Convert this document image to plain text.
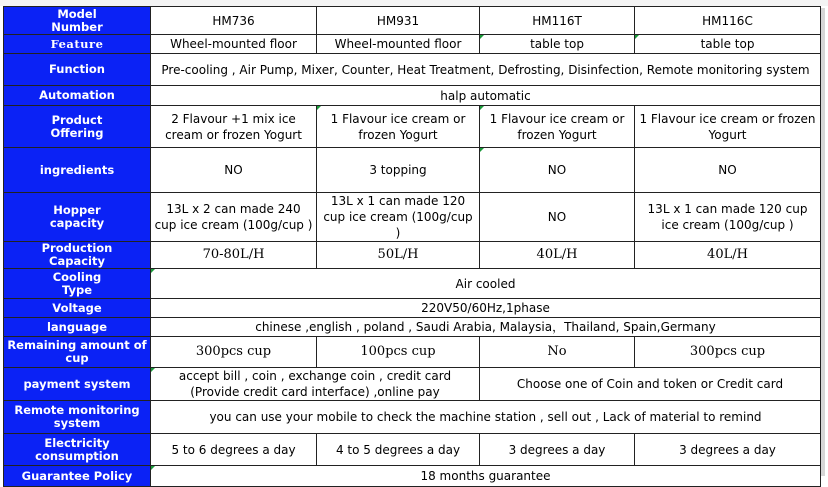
Model
Number	HM736	HM931	HM116T	HM116C
Feature	Wheel-mounted floor	Wheel-mounted floor	table top	table top
Function	Pre-cooling , Air Pump, Mixer, Counter, Heat Treatment, Defrosting, Disinfection, Remote monitoring system			
Automation	halp automatic			
Product
Offering	2 Flavour +1 mix ice cream or frozen Yogurt	1 Flavour ice cream or frozen Yogurt	1 Flavour ice cream or frozen Yogurt	1 Flavour ice cream or frozen Yogurt
ingredients	NO	3 topping	NO	NO
Hopper
capacity	13L x 2 can made 240 cup ice cream (100g/cup )	13L x 1 can made 120 cup ice cream (100g/cup )	NO	13L x 1 can made 120 cup ice cream (100g/cup )
Production
Capacity	70-80L/H	50L/H	40L/H	40L/H
Cooling
Type	Air cooled			
Voltage	220V50/60Hz,1phase			
language	chinese ,english , poland , Saudi Arabia, Malaysia，Thailand, Spain,Germany			
Remaining amount of
cup	300pcs cup	100pcs cup	No	300pcs cup
payment system	accept bill , coin , exchange coin , credit card (Provide credit card interface) ,online pay		Choose one of Coin and token or Credit card	
Remote monitoring
system	you can use your mobile to check the machine station , sell out , Lack of material to remind			
Electricity consumption	5 to 6 degrees a day	4 to 5 degrees a day	3 degrees a day	3 degrees a day
Guarantee Policy	18 months guarantee			
